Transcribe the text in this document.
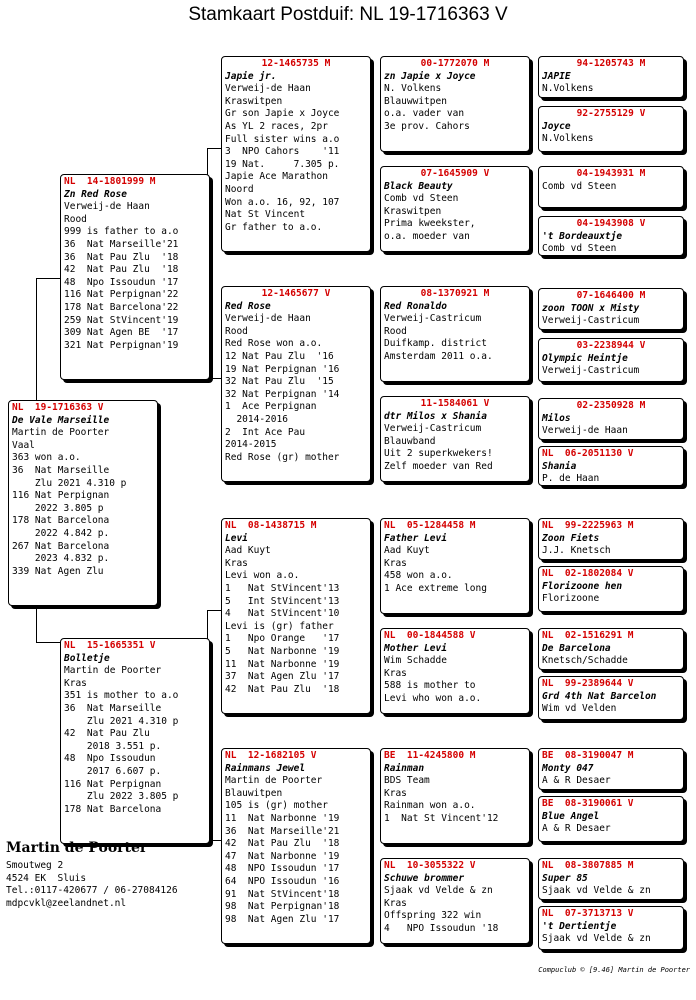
Stamkaart Postduif: NL 19-1716363 V
NL  19-1716363 V
De Vale Marseille
Martin de Poorter
Vaal
363 won a.o.
36  Nat Marseille
Zlu 2021 4.310 p
116 Nat Perpignan
2022 3.805 p
178 Nat Barcelona
2022 4.842 p.
267 Nat Barcelona
2023 4.832 p.
339 Nat Agen Zlu
NL  14-1801999 M
Zn Red Rose
Verweij-de Haan
Rood
999 is father to a.o
36  Nat Marseille'21
36  Nat Pau Zlu  '18
42  Nat Pau Zlu  '18
48  Npo Issoudun '17
116 Nat Perpignan'22
178 Nat Barcelona'22
259 Nat StVincent'19
309 Nat Agen BE  '17
321 Nat Perpignan'19
NL  15-1665351 V
Bolletje
Martin de Poorter
Kras
351 is mother to a.o
36  Nat Marseille
Zlu 2021 4.310 p
42  Nat Pau Zlu
2018 3.551 p.
48  Npo Issoudun
2017 6.607 p.
116 Nat Perpignan
Zlu 2022 3.805 p
178 Nat Barcelona
12-1465735 M
Japie jr.
Verweij-de Haan
Kraswitpen
Gr son Japie x Joyce
As YL 2 races, 2pr
Full sister wins a.o
3  NPO Cahors    '11
19 Nat.     7.305 p.
Japie Ace Marathon
Noord
Won a.o. 16, 92, 107
Nat St Vincent
Gr father to a.o.
12-1465677 V
Red Rose
Verweij-de Haan
Rood
Red Rose won a.o.
12 Nat Pau Zlu  '16
19 Nat Perpignan '16
32 Nat Pau Zlu  '15
32 Nat Perpignan '14
1  Ace Perpignan
2014-2016
2  Int Ace Pau
2014-2015
Red Rose (gr) mother
NL  08-1438715 M
Levi
Aad Kuyt
Kras
Levi won a.o.
1   Nat StVincent'13
5   Int StVincent'13
4   Nat StVincent'10
Levi is (gr) father
1   Npo Orange   '17
5   Nat Narbonne '19
11  Nat Narbonne '19
37  Nat Agen Zlu '17
42  Nat Pau Zlu  '18
NL  12-1682105 V
Rainmans Jewel
Martin de Poorter
Blauwitpen
105 is (gr) mother
11  Nat Narbonne '19
36  Nat Marseille'21
42  Nat Pau Zlu  '18
47  Nat Narbonne '19
48  NPO Issoudun '17
64  NPO Issoudun '16
91  Nat StVincent'18
98  Nat Perpignan'18
98  Nat Agen Zlu '17
00-1772070 M
zn Japie x Joyce
N. Volkens
Blauwwitpen
o.a. vader van
3e prov. Cahors
07-1645909 V
Black Beauty
Comb vd Steen
Kraswitpen
Prima kweekster,
o.a. moeder van
08-1370921 M
Red Ronaldo
Verweij-Castricum
Rood
Duifkamp. district
Amsterdam 2011 o.a.
11-1584061 V
dtr Milos x Shania
Verweij-Castricum
Blauwband
Uit 2 superkwekers!
Zelf moeder van Red
NL  05-1284458 M
Father Levi
Aad Kuyt
Kras
458 won a.o.
1 Ace extreme long
NL  00-1844588 V
Mother Levi
Wim Schadde
Kras
588 is mother to
Levi who won a.o.
BE  11-4245800 M
Rainman
BDS Team
Kras
Rainman won a.o.
1  Nat St Vincent'12
NL  10-3055322 V
Schuwe brommer
Sjaak vd Velde & zn
Kras
Offspring 322 win
4   NPO Issoudun '18
94-1205743 M
JAPIE
N.Volkens
92-2755129 V
Joyce
N.Volkens
04-1943931 M
Comb vd Steen
04-1943908 V
't Bordeauxtje
Comb vd Steen
07-1646400 M
zoon TOON x Misty
Verweij-Castricum
03-2238944 V
Olympic Heintje
Verweij-Castricum
02-2350928 M
Milos
Verweij-de Haan
NL  06-2051130 V
Shania
P. de Haan
NL  99-2225963 M
Zoon Fiets
J.J. Knetsch
NL  02-1802084 V
Florizoone hen
Florizoone
NL  02-1516291 M
De Barcelona
Knetsch/Schadde
NL  99-2389644 V
Grd 4th Nat Barcelon
Wim vd Velden
BE  08-3190047 M
Monty 047
A & R Desaer
BE  08-3190061 V
Blue Angel
A & R Desaer
NL  08-3807885 M
Super 85
Sjaak vd Velde & zn
NL  07-3713713 V
't Dertientje
Sjaak vd Velde & zn
Martin de Poorter
Smoutweg 2
4524 EK  Sluis
Tel.:0117-420677 / 06-27084126
mdpcvkl@zeelandnet.nl
Compuclub © [9.46] Martin de Poorter
